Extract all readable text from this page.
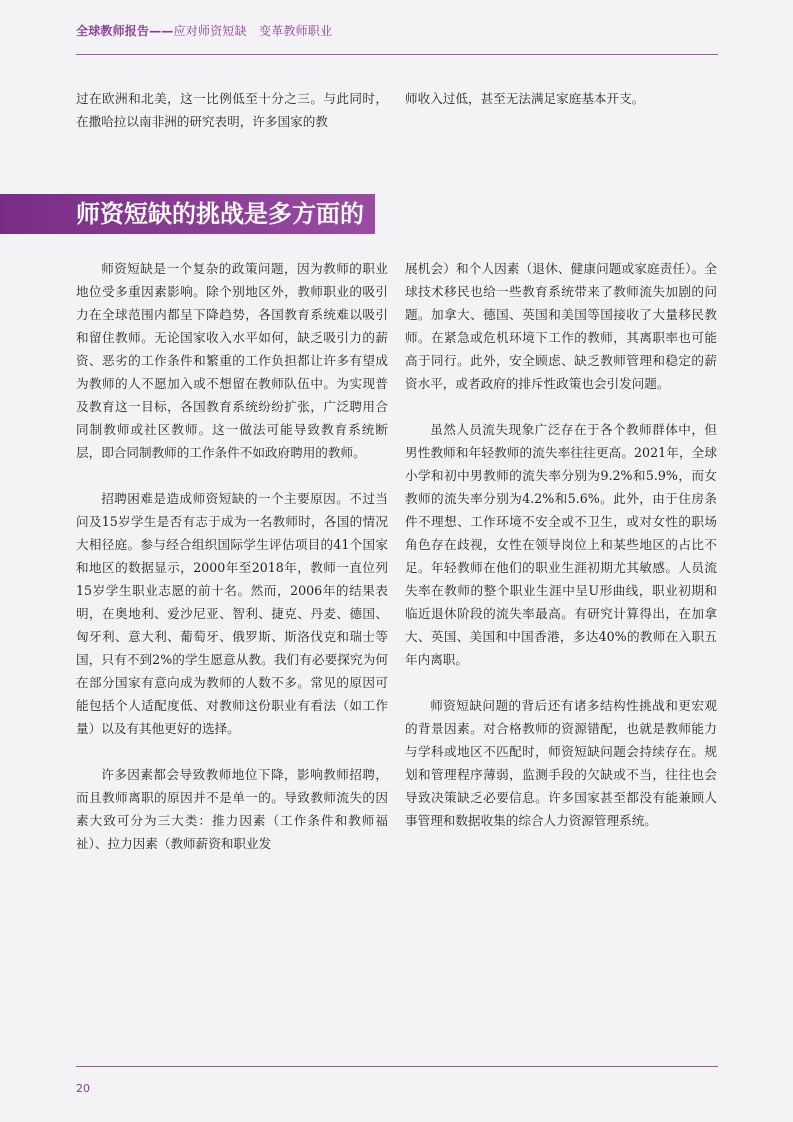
全球教师报告——应对师资短缺　变革教师职业

过在欧洲和北美，这一比例低至十分之三。与此同时，在撒哈拉以南非洲的研究表明，许多国家的教

师收入过低，甚至无法满足家庭基本开支。

师资短缺的挑战是多方面的

师资短缺是一个复杂的政策问题，因为教师的职业地位受多重因素影响。除个别地区外，教师职业的吸引力在全球范围内都呈下降趋势，各国教育系统难以吸引和留住教师。无论国家收入水平如何，缺乏吸引力的薪资、恶劣的工作条件和繁重的工作负担都让许多有望成为教师的人不愿加入或不想留在教师队伍中。为实现普及教育这一目标，各国教育系统纷纷扩张，广泛聘用合同制教师或社区教师。这一做法可能导致教育系统断层，即合同制教师的工作条件不如政府聘用的教师。

招聘困难是造成师资短缺的一个主要原因。不过当问及15岁学生是否有志于成为一名教师时，各国的情况大相径庭。参与经合组织国际学生评估项目的41个国家和地区的数据显示，2000年至2018年，教师一直位列15岁学生职业志愿的前十名。然而，2006年的结果表明，在奥地利、爱沙尼亚、智利、捷克、丹麦、德国、匈牙利、意大利、葡萄牙、俄罗斯、斯洛伐克和瑞士等国，只有不到2%的学生愿意从教。我们有必要探究为何在部分国家有意向成为教师的人数不多。常见的原因可能包括个人适配度低、对教师这份职业有看法（如工作量）以及有其他更好的选择。

许多因素都会导致教师地位下降，影响教师招聘，而且教师离职的原因并不是单一的。导致教师流失的因素大致可分为三大类：推力因素（工作条件和教师福祉）、拉力因素（教师薪资和职业发

展机会）和个人因素（退休、健康问题或家庭责任）。全球技术移民也给一些教育系统带来了教师流失加剧的问题。加拿大、德国、英国和美国等国接收了大量移民教师。在紧急或危机环境下工作的教师，其离职率也可能高于同行。此外，安全顾虑、缺乏教师管理和稳定的薪资水平，或者政府的排斥性政策也会引发问题。

虽然人员流失现象广泛存在于各个教师群体中，但男性教师和年轻教师的流失率往往更高。2021年，全球小学和初中男教师的流失率分别为9.2%和5.9%，而女教师的流失率分别为4.2%和5.6%。此外，由于住房条件不理想、工作环境不安全或不卫生，或对女性的职场角色存在歧视，女性在领导岗位上和某些地区的占比不足。年轻教师在他们的职业生涯初期尤其敏感。人员流失率在教师的整个职业生涯中呈U形曲线，职业初期和临近退休阶段的流失率最高。有研究计算得出，在加拿大、英国、美国和中国香港，多达40%的教师在入职五年内离职。

师资短缺问题的背后还有诸多结构性挑战和更宏观的背景因素。对合格教师的资源错配，也就是教师能力与学科或地区不匹配时，师资短缺问题会持续存在。规划和管理程序薄弱，监测手段的欠缺或不当，往往也会导致决策缺乏必要信息。许多国家甚至都没有能兼顾人事管理和数据收集的综合人力资源管理系统。

20
